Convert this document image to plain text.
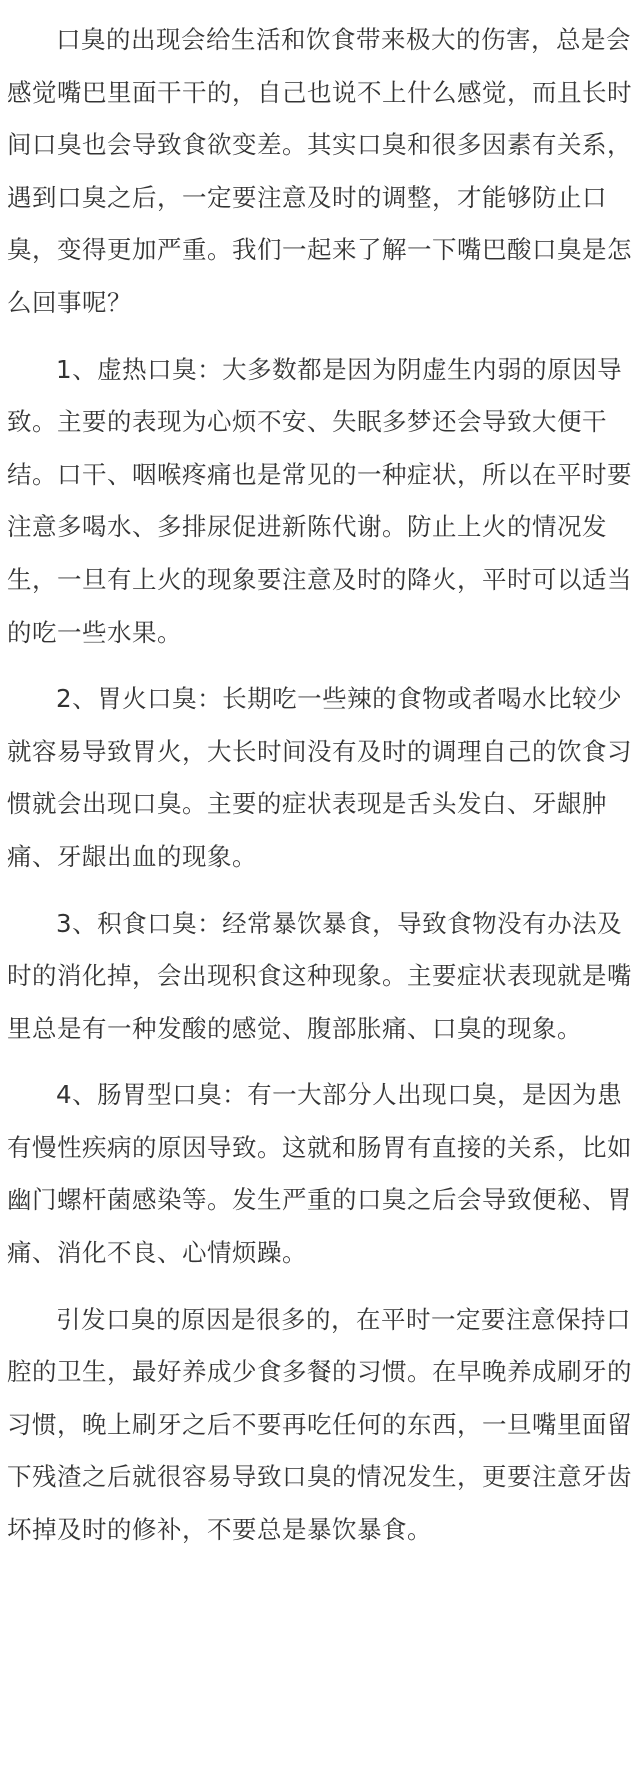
口臭的出现会给生活和饮食带来极大的伤害，总是会感觉嘴巴里面干干的，自己也说不上什么感觉，而且长时间口臭也会导致食欲变差。其实口臭和很多因素有关系，遇到口臭之后，一定要注意及时的调整，才能够防止口臭，变得更加严重。我们一起来了解一下嘴巴酸口臭是怎么回事呢？

1、虚热口臭：大多数都是因为阴虚生内弱的原因导致。主要的表现为心烦不安、失眠多梦还会导致大便干结。口干、咽喉疼痛也是常见的一种症状，所以在平时要注意多喝水、多排尿促进新陈代谢。防止上火的情况发生，一旦有上火的现象要注意及时的降火，平时可以适当的吃一些水果。

2、胃火口臭：长期吃一些辣的食物或者喝水比较少就容易导致胃火，大长时间没有及时的调理自己的饮食习惯就会出现口臭。主要的症状表现是舌头发白、牙龈肿痛、牙龈出血的现象。

3、积食口臭：经常暴饮暴食，导致食物没有办法及时的消化掉，会出现积食这种现象。主要症状表现就是嘴里总是有一种发酸的感觉、腹部胀痛、口臭的现象。

4、肠胃型口臭：有一大部分人出现口臭，是因为患有慢性疾病的原因导致。这就和肠胃有直接的关系，比如幽门螺杆菌感染等。发生严重的口臭之后会导致便秘、胃痛、消化不良、心情烦躁。

引发口臭的原因是很多的，在平时一定要注意保持口腔的卫生，最好养成少食多餐的习惯。在早晚养成刷牙的习惯，晚上刷牙之后不要再吃任何的东西，一旦嘴里面留下残渣之后就很容易导致口臭的情况发生，更要注意牙齿坏掉及时的修补，不要总是暴饮暴食。
